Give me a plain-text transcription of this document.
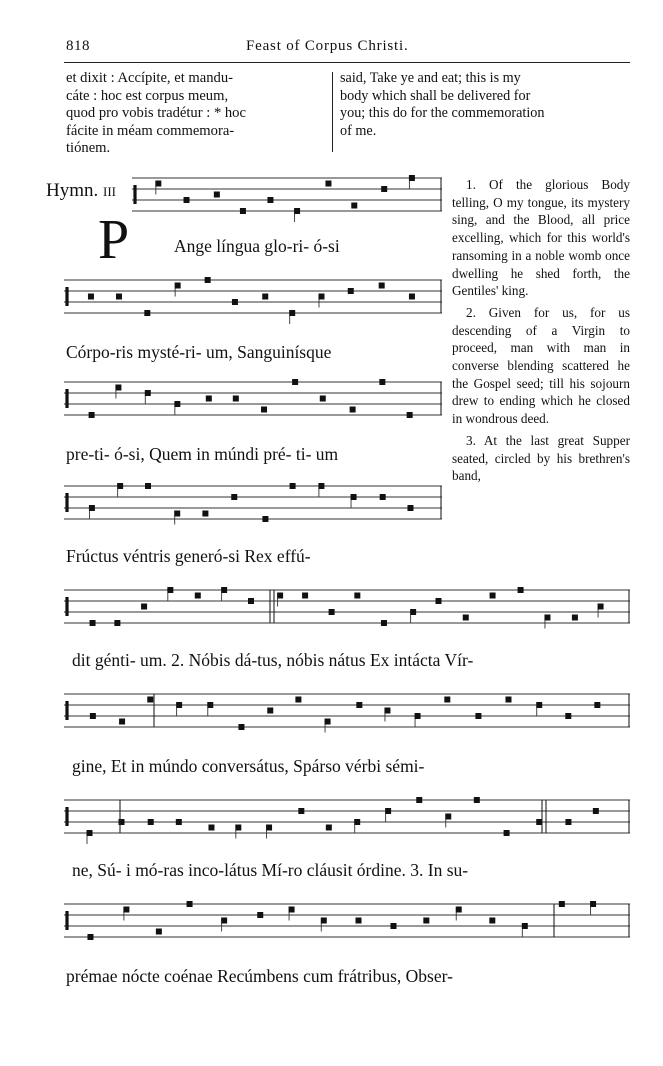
818	Feast of Corpus Christi.
et dixit : Accípite, et mandu-
cáte : hoc est corpus meum,
quod pro vobis tradétur : * hoc
fácite in méam commemora-
tiónem.
said, Take ye and eat; this is my
body which shall be delivered for
you; this do for the commemoration
of me.
Hymn. III
P

1. Of the glorious Body telling, O my tongue, its mystery sing, and the Blood, all price excelling, which for this world's ransoming in a noble womb once dwelling he shed forth, the Gentiles' king.

2. Given for us, for us descending of a Virgin to proceed, man with man in converse blending scattered he the Gospel seed; till his sojourn drew to ending which he closed in wondrous deed.

3. At the last great Supper seated, circled by his brethren's band,

Ange língua glo-ri- ó-si
Córpo-ris mysté-ri- um, Sanguinísque
pre-ti- ó-si, Quem in múndi pré- ti- um
Frúctus véntris generó-si Rex effú-
dit génti- um. 2. Nóbis dá-tus, nóbis nátus Ex intácta Vír-
gine, Et in múndo conversátus, Spárso vérbi sémi-
ne, Sú- i mó-ras inco-látus Mí-ro cláusit órdine. 3. In su-
prémae nócte coénae Recúmbens cum frátribus, Obser-
